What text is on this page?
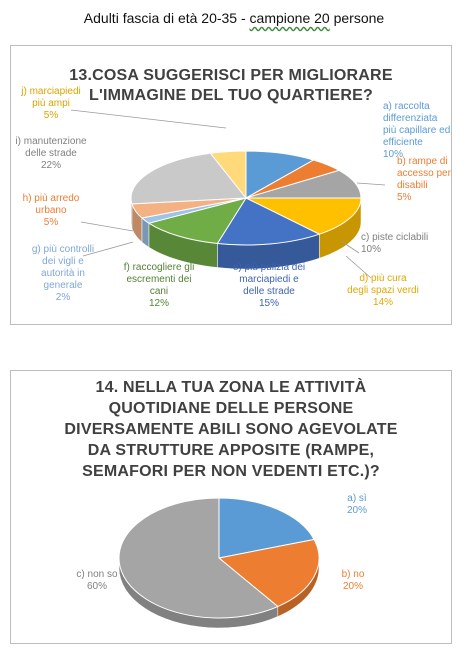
Adulti fascia di età 20-35 - campione 20 persone
13.COSA SUGGERISCI PER MIGLIORARE
L'IMMAGINE DEL TUO QUARTIERE?
a) raccolta differenziata più capillare ed efficiente 10%
b) rampe di accesso per disabili 5%
c) piste ciclabili 10%
d) più cura degli spazi verdi 14%
e) più pulizia dei marciapiedi e delle strade 15%
f) raccogliere gli escrementi dei cani 12%
g) più controlli dei vigli e autorità in generale 2%
h) più arredo urbano 5%
i) manutenzione delle strade 22%
j) marciapiedi più ampi 5%
14. NELLA TUA ZONA LE ATTIVITÀ
QUOTIDIANE DELLE PERSONE
DIVERSAMENTE ABILI SONO AGEVOLATE
DA STRUTTURE APPOSITE (RAMPE,
SEMAFORI PER NON VEDENTI ETC.)?
a) sì 20%
b) no 20%
c) non so 60%
